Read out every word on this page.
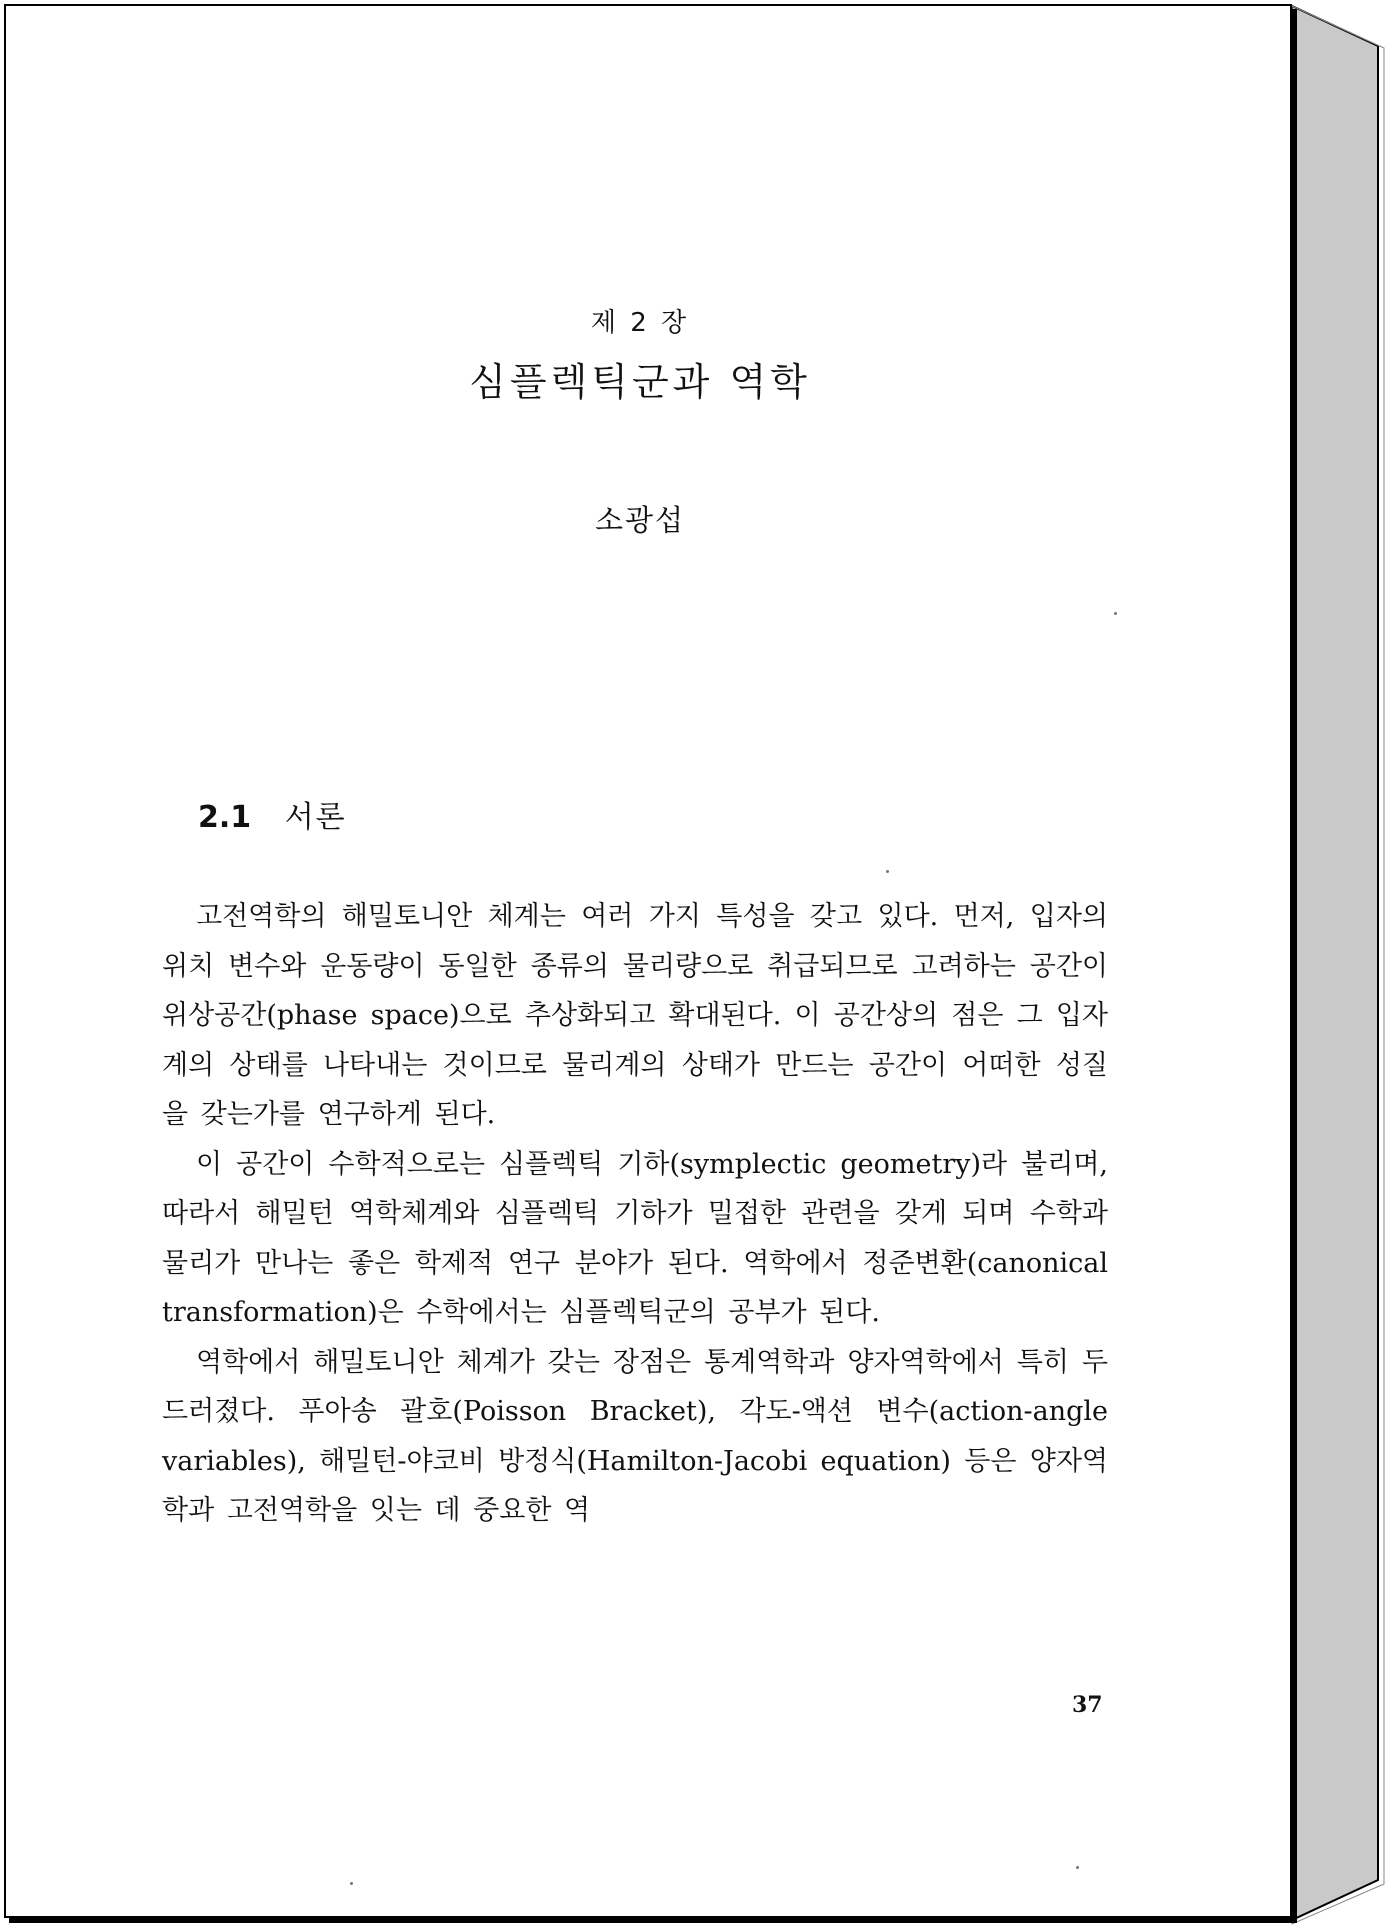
제 2 장
심플렉틱군과 역학
소광섭
2.1 서론

고전역학의 해밀토니안 체계는 여러 가지 특성을 갖고 있다. 먼저, 입자의 위치 변수와 운동량이 동일한 종류의 물리량으로 취급되므로 고려하는 공간이 위상공간(phase space)으로 추상화되고 확대된다. 이 공간상의 점은 그 입자계의 상태를 나타내는 것이므로 물리계의 상태가 만드는 공간이 어떠한 성질을 갖는가를 연구하게 된다.

이 공간이 수학적으로는 심플렉틱 기하(symplectic geometry)라 불리며, 따라서 해밀턴 역학체계와 심플렉틱 기하가 밀접한 관련을 갖게 되며 수학과 물리가 만나는 좋은 학제적 연구 분야가 된다. 역학에서 정준변환(canonical transformation)은 수학에서는 심플렉틱군의 공부가 된다.

역학에서 해밀토니안 체계가 갖는 장점은 통계역학과 양자역학에서 특히 두드러졌다. 푸아송 괄호(Poisson Bracket), 각도-액션 변수(action-angle variables), 해밀턴-야코비 방정식(Hamilton-Jacobi equation) 등은 양자역학과 고전역학을 잇는 데 중요한 역

37
